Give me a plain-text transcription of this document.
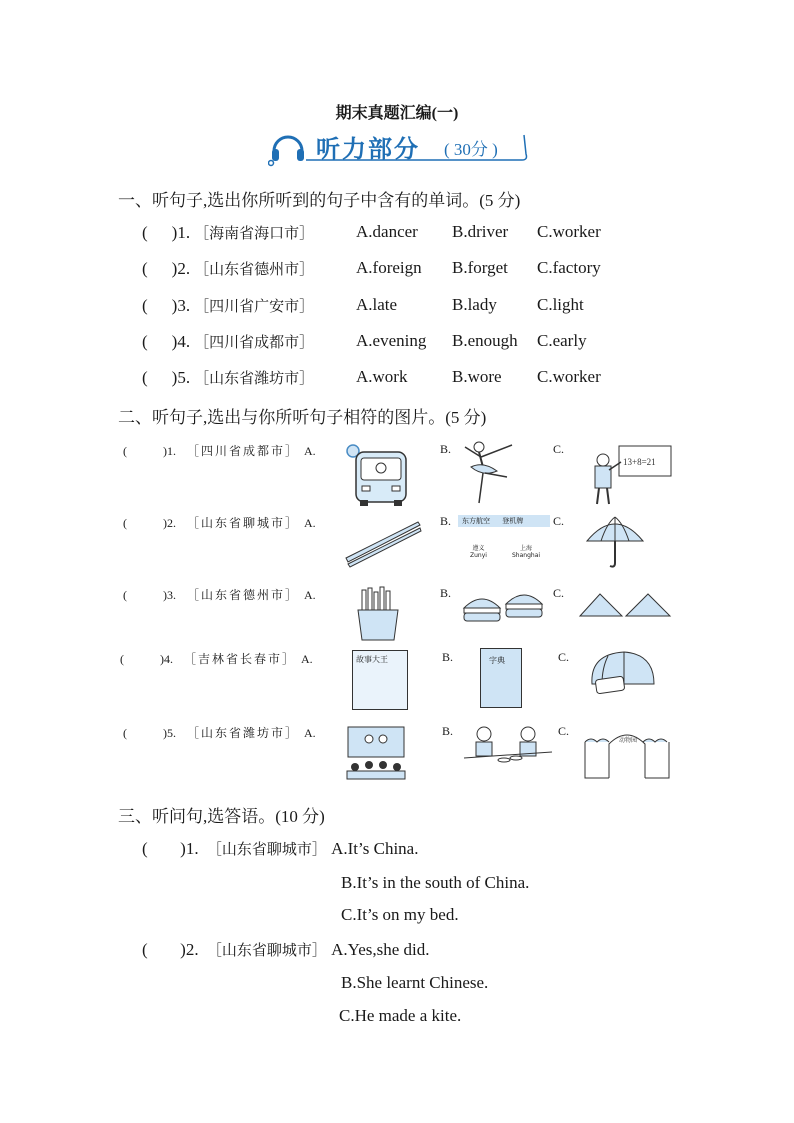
期末真题汇编(一)
听力部分 ( 30分 )
一、听句子,选出你所听到的句子中含有的单词。(5 分)
( )1. ［海南省海口市］ A.dancer B.driver C.worker
( )2. ［山东省德州市］ A.foreign B.forget C.factory
( )3. ［四川省广安市］ A.late	B.lady C.light
( )4. ［四川省成都市］ A.evening B.enough C.early
( )5. ［山东省潍坊市］ A.work	B.wore C.worker
二、听句子,选出与你所听句子相符的图片。(5 分)
(	)1. ［四川省成都市］ A.	B.	C.
13+8=21
(	)2. ［山东省聊城市］ A.	B.	C.
东方航空 登机牌
遵义
Zunyi
上海
Shanghai
(	)3. ［山东省德州市］ A.	B.	C.
(	)4. ［吉林省长春市］ A.	B.	C.
故事大王	字典
(	)5. ［山东省潍坊市］ A.	B.	C.
动物园
三、听问句,选答语。(10 分)
( )1. ［山东省聊城市］ A.It’s China.
B.It’s in the south of China.
C.It’s on my bed.
( )2. ［山东省聊城市］ A.Yes,she did.
B.She learnt Chinese.
C.He made a kite.
